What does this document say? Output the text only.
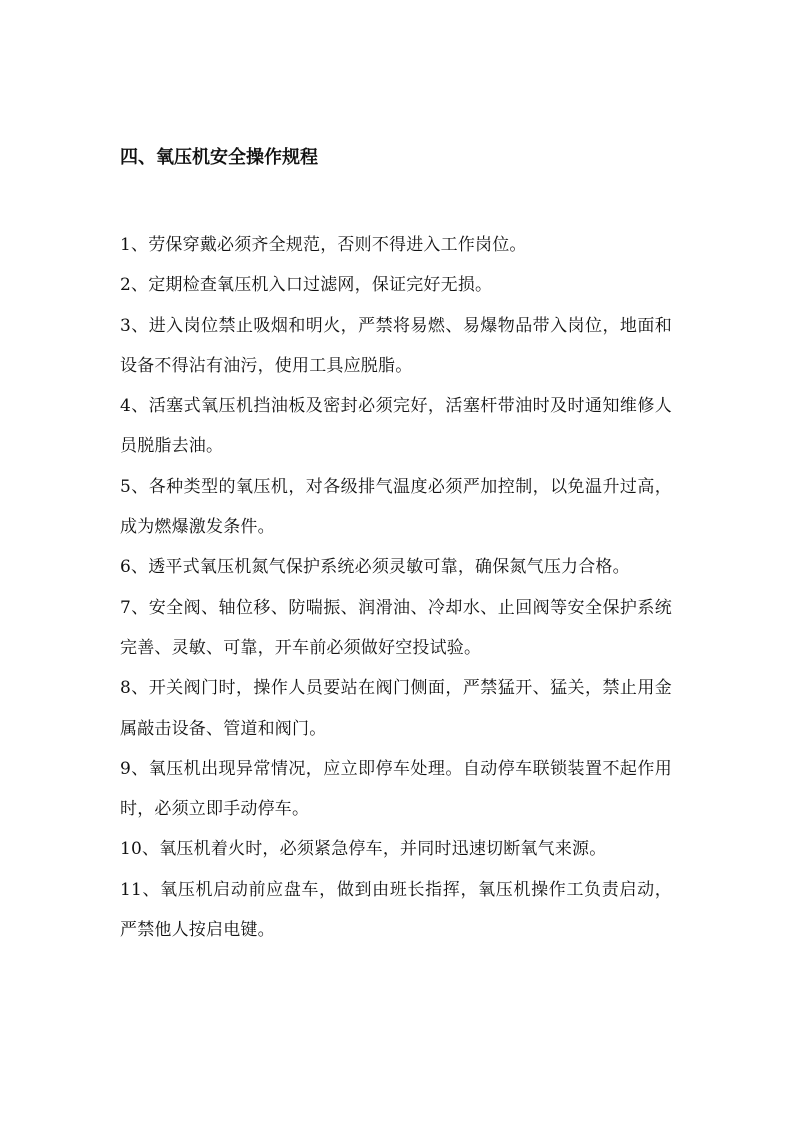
四、氧压机安全操作规程
1、劳保穿戴必须齐全规范，否则不得进入工作岗位。
2、定期检查氧压机入口过滤网，保证完好无损。
3、进入岗位禁止吸烟和明火，严禁将易燃、易爆物品带入岗位，地面和设备不得沾有油污，使用工具应脱脂。
4、活塞式氧压机挡油板及密封必须完好，活塞杆带油时及时通知维修人员脱脂去油。
5、各种类型的氧压机，对各级排气温度必须严加控制，以免温升过高，成为燃爆激发条件。
6、透平式氧压机氮气保护系统必须灵敏可靠，确保氮气压力合格。
7、安全阀、轴位移、防喘振、润滑油、冷却水、止回阀等安全保护系统完善、灵敏、可靠，开车前必须做好空投试验。
8、开关阀门时，操作人员要站在阀门侧面，严禁猛开、猛关，禁止用金属敲击设备、管道和阀门。
9、氧压机出现异常情况，应立即停车处理。自动停车联锁装置不起作用时，必须立即手动停车。
10、氧压机着火时，必须紧急停车，并同时迅速切断氧气来源。
11、氧压机启动前应盘车，做到由班长指挥，氧压机操作工负责启动，严禁他人按启电键。
